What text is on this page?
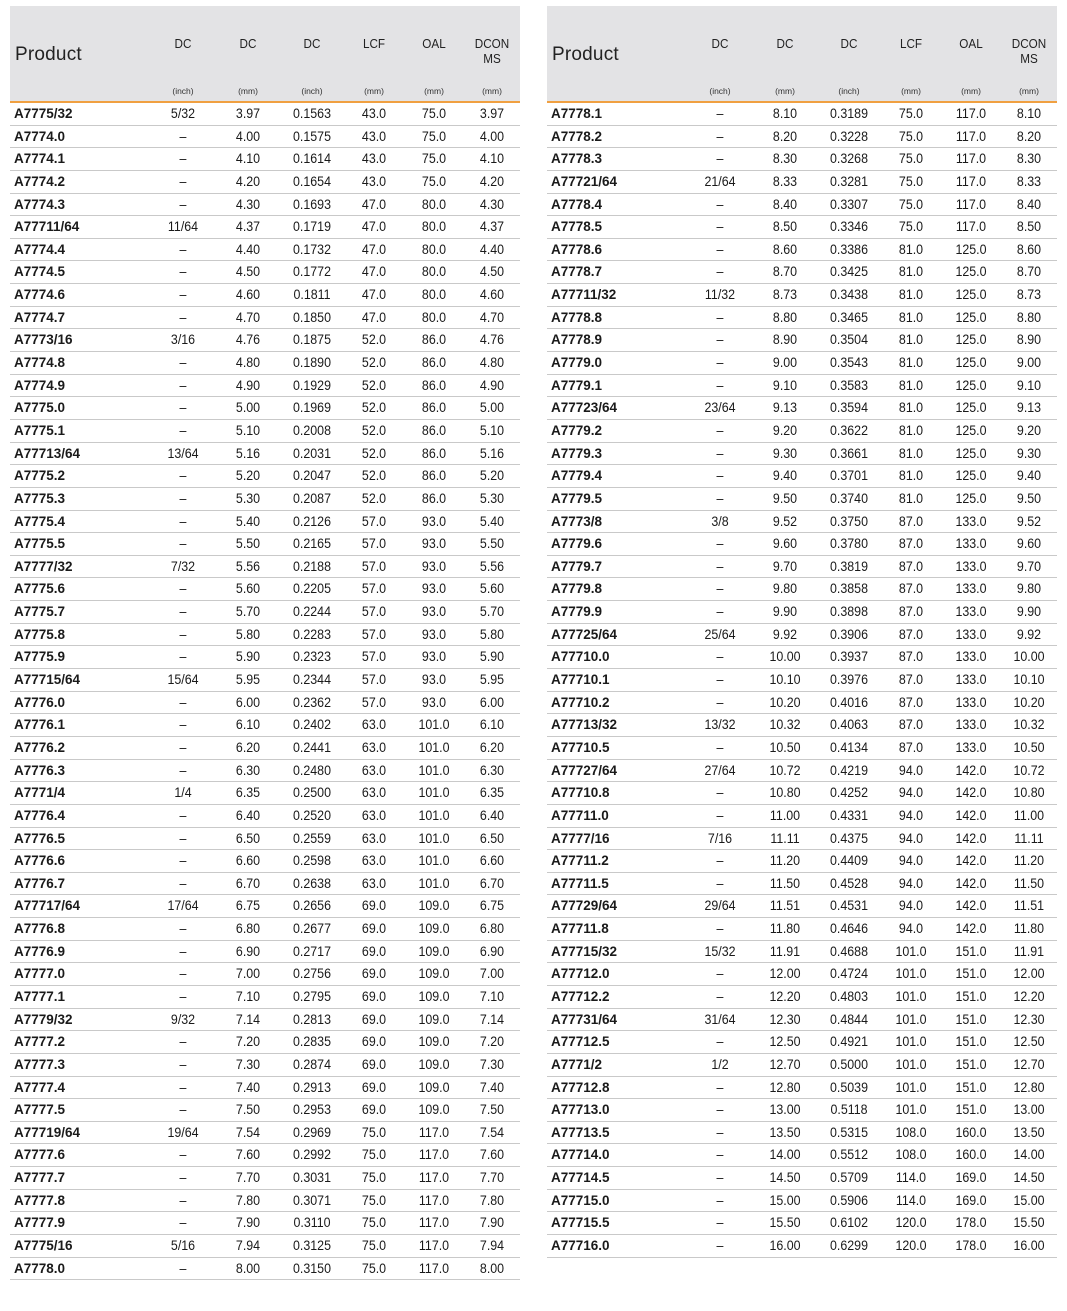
Product
DC	DC	DC	LCF	OAL	DCON MS
(inch)	(mm)	(inch)	(mm)	(mm)	(mm)
A7775/32	5/32	3.97	0.1563	43.0	75.0	3.97
A7774.0	–	4.00	0.1575	43.0	75.0	4.00
A7774.1	–	4.10	0.1614	43.0	75.0	4.10
A7774.2	–	4.20	0.1654	43.0	75.0	4.20
A7774.3	–	4.30	0.1693	47.0	80.0	4.30
A77711/64	11/64	4.37	0.1719	47.0	80.0	4.37
A7774.4	–	4.40	0.1732	47.0	80.0	4.40
A7774.5	–	4.50	0.1772	47.0	80.0	4.50
A7774.6	–	4.60	0.1811	47.0	80.0	4.60
A7774.7	–	4.70	0.1850	47.0	80.0	4.70
A7773/16	3/16	4.76	0.1875	52.0	86.0	4.76
A7774.8	–	4.80	0.1890	52.0	86.0	4.80
A7774.9	–	4.90	0.1929	52.0	86.0	4.90
A7775.0	–	5.00	0.1969	52.0	86.0	5.00
A7775.1	–	5.10	0.2008	52.0	86.0	5.10
A77713/64	13/64	5.16	0.2031	52.0	86.0	5.16
A7775.2	–	5.20	0.2047	52.0	86.0	5.20
A7775.3	–	5.30	0.2087	52.0	86.0	5.30
A7775.4	–	5.40	0.2126	57.0	93.0	5.40
A7775.5	–	5.50	0.2165	57.0	93.0	5.50
A7777/32	7/32	5.56	0.2188	57.0	93.0	5.56
A7775.6	–	5.60	0.2205	57.0	93.0	5.60
A7775.7	–	5.70	0.2244	57.0	93.0	5.70
A7775.8	–	5.80	0.2283	57.0	93.0	5.80
A7775.9	–	5.90	0.2323	57.0	93.0	5.90
A77715/64	15/64	5.95	0.2344	57.0	93.0	5.95
A7776.0	–	6.00	0.2362	57.0	93.0	6.00
A7776.1	–	6.10	0.2402	63.0	101.0	6.10
A7776.2	–	6.20	0.2441	63.0	101.0	6.20
A7776.3	–	6.30	0.2480	63.0	101.0	6.30
A7771/4	1/4	6.35	0.2500	63.0	101.0	6.35
A7776.4	–	6.40	0.2520	63.0	101.0	6.40
A7776.5	–	6.50	0.2559	63.0	101.0	6.50
A7776.6	–	6.60	0.2598	63.0	101.0	6.60
A7776.7	–	6.70	0.2638	63.0	101.0	6.70
A77717/64	17/64	6.75	0.2656	69.0	109.0	6.75
A7776.8	–	6.80	0.2677	69.0	109.0	6.80
A7776.9	–	6.90	0.2717	69.0	109.0	6.90
A7777.0	–	7.00	0.2756	69.0	109.0	7.00
A7777.1	–	7.10	0.2795	69.0	109.0	7.10
A7779/32	9/32	7.14	0.2813	69.0	109.0	7.14
A7777.2	–	7.20	0.2835	69.0	109.0	7.20
A7777.3	–	7.30	0.2874	69.0	109.0	7.30
A7777.4	–	7.40	0.2913	69.0	109.0	7.40
A7777.5	–	7.50	0.2953	69.0	109.0	7.50
A77719/64	19/64	7.54	0.2969	75.0	117.0	7.54
A7777.6	–	7.60	0.2992	75.0	117.0	7.60
A7777.7	–	7.70	0.3031	75.0	117.0	7.70
A7777.8	–	7.80	0.3071	75.0	117.0	7.80
A7777.9	–	7.90	0.3110	75.0	117.0	7.90
A7775/16	5/16	7.94	0.3125	75.0	117.0	7.94
A7778.0	–	8.00	0.3150	75.0	117.0	8.00
Product
DC	DC	DC	LCF	OAL	DCON MS
(inch)	(mm)	(inch)	(mm)	(mm)	(mm)
A7778.1	–	8.10	0.3189	75.0	117.0	8.10
A7778.2	–	8.20	0.3228	75.0	117.0	8.20
A7778.3	–	8.30	0.3268	75.0	117.0	8.30
A77721/64	21/64	8.33	0.3281	75.0	117.0	8.33
A7778.4	–	8.40	0.3307	75.0	117.0	8.40
A7778.5	–	8.50	0.3346	75.0	117.0	8.50
A7778.6	–	8.60	0.3386	81.0	125.0	8.60
A7778.7	–	8.70	0.3425	81.0	125.0	8.70
A77711/32	11/32	8.73	0.3438	81.0	125.0	8.73
A7778.8	–	8.80	0.3465	81.0	125.0	8.80
A7778.9	–	8.90	0.3504	81.0	125.0	8.90
A7779.0	–	9.00	0.3543	81.0	125.0	9.00
A7779.1	–	9.10	0.3583	81.0	125.0	9.10
A77723/64	23/64	9.13	0.3594	81.0	125.0	9.13
A7779.2	–	9.20	0.3622	81.0	125.0	9.20
A7779.3	–	9.30	0.3661	81.0	125.0	9.30
A7779.4	–	9.40	0.3701	81.0	125.0	9.40
A7779.5	–	9.50	0.3740	81.0	125.0	9.50
A7773/8	3/8	9.52	0.3750	87.0	133.0	9.52
A7779.6	–	9.60	0.3780	87.0	133.0	9.60
A7779.7	–	9.70	0.3819	87.0	133.0	9.70
A7779.8	–	9.80	0.3858	87.0	133.0	9.80
A7779.9	–	9.90	0.3898	87.0	133.0	9.90
A77725/64	25/64	9.92	0.3906	87.0	133.0	9.92
A77710.0	–	10.00	0.3937	87.0	133.0	10.00
A77710.1	–	10.10	0.3976	87.0	133.0	10.10
A77710.2	–	10.20	0.4016	87.0	133.0	10.20
A77713/32	13/32	10.32	0.4063	87.0	133.0	10.32
A77710.5	–	10.50	0.4134	87.0	133.0	10.50
A77727/64	27/64	10.72	0.4219	94.0	142.0	10.72
A77710.8	–	10.80	0.4252	94.0	142.0	10.80
A77711.0	–	11.00	0.4331	94.0	142.0	11.00
A7777/16	7/16	11.11	0.4375	94.0	142.0	11.11
A77711.2	–	11.20	0.4409	94.0	142.0	11.20
A77711.5	–	11.50	0.4528	94.0	142.0	11.50
A77729/64	29/64	11.51	0.4531	94.0	142.0	11.51
A77711.8	–	11.80	0.4646	94.0	142.0	11.80
A77715/32	15/32	11.91	0.4688	101.0	151.0	11.91
A77712.0	–	12.00	0.4724	101.0	151.0	12.00
A77712.2	–	12.20	0.4803	101.0	151.0	12.20
A77731/64	31/64	12.30	0.4844	101.0	151.0	12.30
A77712.5	–	12.50	0.4921	101.0	151.0	12.50
A7771/2	1/2	12.70	0.5000	101.0	151.0	12.70
A77712.8	–	12.80	0.5039	101.0	151.0	12.80
A77713.0	–	13.00	0.5118	101.0	151.0	13.00
A77713.5	–	13.50	0.5315	108.0	160.0	13.50
A77714.0	–	14.00	0.5512	108.0	160.0	14.00
A77714.5	–	14.50	0.5709	114.0	169.0	14.50
A77715.0	–	15.00	0.5906	114.0	169.0	15.00
A77715.5	–	15.50	0.6102	120.0	178.0	15.50
A77716.0	–	16.00	0.6299	120.0	178.0	16.00
